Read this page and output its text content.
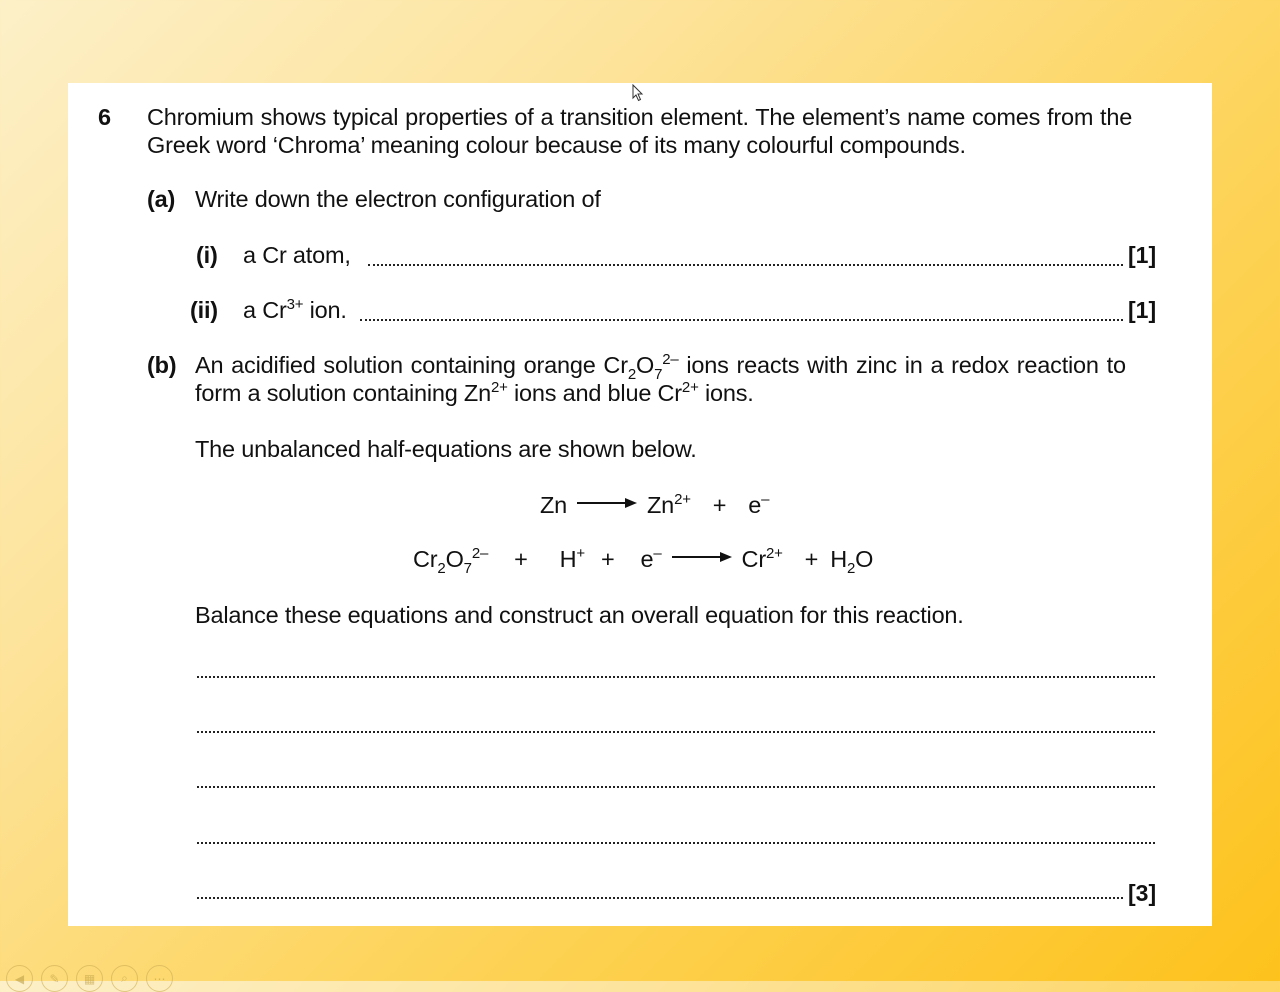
6 Chromium shows typical properties of a transition element. The element’s name comes from the
Greek word ‘Chroma’ meaning colour because of its many colourful compounds.
(a) Write down the electron configuration of
(i) a Cr atom,	[1]
(ii) a $Cr^{3+}$ ion.	[1]
(b) An acidified solution containing orange $Cr_2O_7^{2-}$ ions reacts with zinc in a redox reaction to
form a solution containing $Zn^{2+}$ ions and blue $Cr^{2+}$ ions.
The unbalanced half-equations are shown below.
Zn	$Zn^{2+} + e^-$
$Cr_2O_7^{2-} + H^+ + e^-$	$Cr^{2+} + H_2O$
Balance these equations and construct an overall equation for this reaction.
[3]
◀	✎	▦	⌕	⋯
